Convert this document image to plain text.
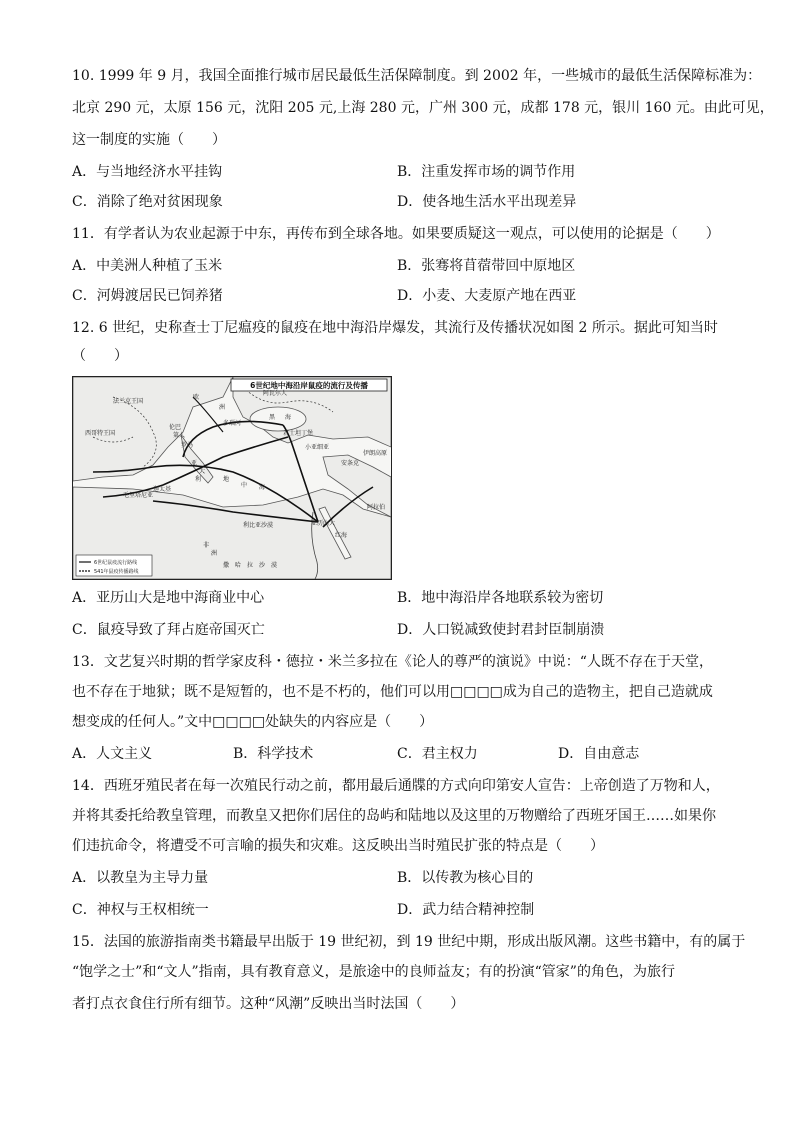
10. 1999 年 9 月，我国全面推行城市居民最低生活保障制度。到 2002 年，一些城市的最低生活保障标准为：
北京 290 元，太原 156 元，沈阳 205 元,上海 280 元，广州 300 元，成都 178 元，银川 160 元。由此可见，
这一制度的实施（　　）
A．与当地经济水平挂钩	B．注重发挥市场的调节作用
C．消除了绝对贫困现象	D．使各地生活水平出现差异
11．有学者认为农业起源于中东，再传布到全球各地。如果要质疑这一观点，可以使用的论据是（　　）
A．中美洲人种植了玉米	B．张骞将苜蓿带回中原地区
C．河姆渡居民已饲养猪	D．小麦、大麦原产地在西亚
12. 6 世纪，史称查士丁尼瘟疫的鼠疫在地中海沿岸爆发，其流行及传播状况如图 2 所示。据此可知当时
（　　）
6世纪地中海沿岸鼠疫的流行及传播
欧
洲
法兰克王国
西哥特王国
伦巴
第人
多瑙河
阿瓦尔人
黑 海
君士坦丁堡
小亚细亚
伊朗高原
安条克
亚历山大
地
中 海
毛里塔尼亚
利比亚沙漠
撒　哈　拉　沙　漠
阿拉伯
红海
非
洲
亚
大
利
罗马
迦太基
6世纪鼠疫流行路线
541年鼠疫传播路线
A．亚历山大是地中海商业中心	B．地中海沿岸各地联系较为密切
C．鼠疫导致了拜占庭帝国灭亡	D．人口锐减致使封君封臣制崩溃
13．文艺复兴时期的哲学家皮科・德拉・米兰多拉在《论人的尊严的演说》中说：“人既不存在于天堂，
也不存在于地狱；既不是短暂的，也不是不朽的，他们可以用□□□□成为自己的造物主，把自己造就成
想变成的任何人。”文中□□□□处缺失的内容应是（　　）
A．人文主义	B．科学技术	C．君主权力	D．自由意志
14．西班牙殖民者在每一次殖民行动之前，都用最后通牒的方式向印第安人宣告：上帝创造了万物和人，
并将其委托给教皇管理，而教皇又把你们居住的岛屿和陆地以及这里的万物赠给了西班牙国王……如果你
们违抗命令，将遭受不可言喻的损失和灾难。这反映出当时殖民扩张的特点是（　　）
A．以教皇为主导力量	B．以传教为核心目的
C．神权与王权相统一	D．武力结合精神控制
15．法国的旅游指南类书籍最早出版于 19 世纪初，到 19 世纪中期，形成出版风潮。这些书籍中，有的属于
“饱学之士”和“文人”指南，具有教育意义，是旅途中的良师益友；有的扮演“管家”的角色，为旅行
者打点衣食住行所有细节。这种“风潮”反映出当时法国（　　）
